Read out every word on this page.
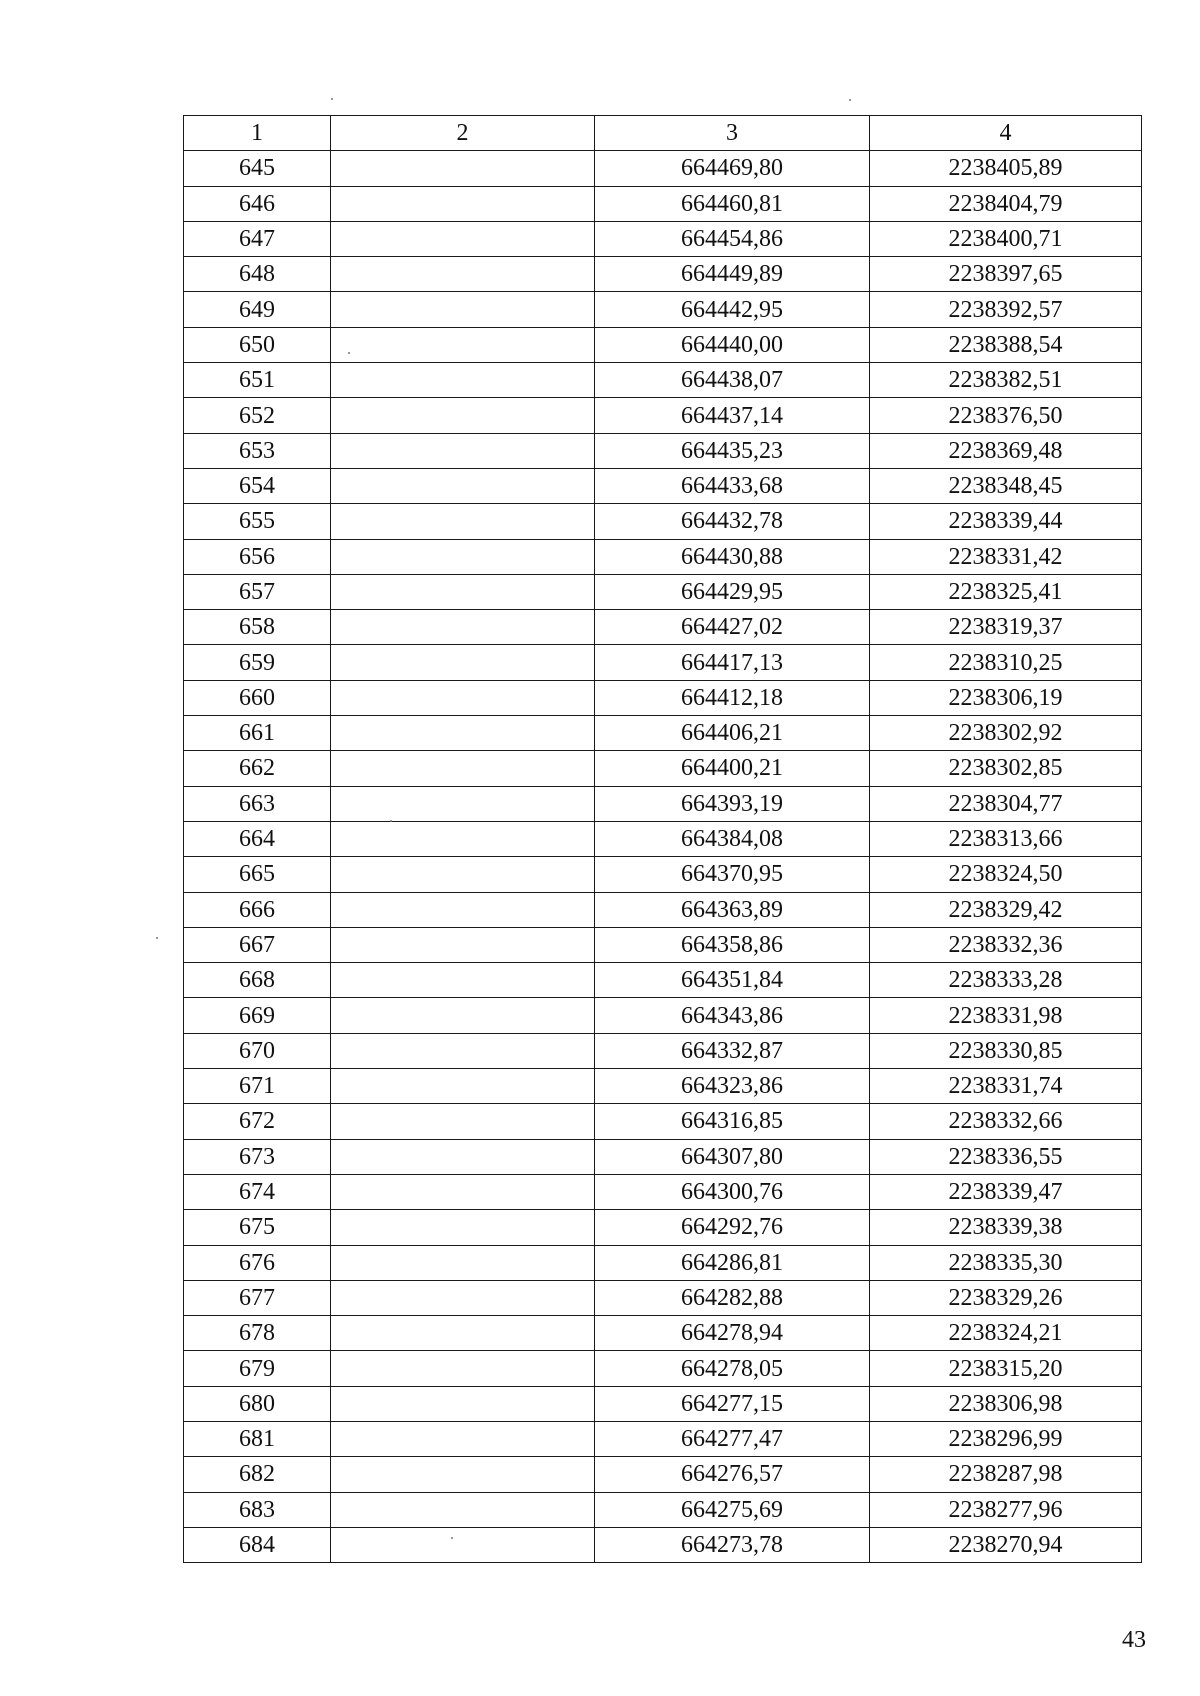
1	2	3	4
645		664469,80	2238405,89
646		664460,81	2238404,79
647		664454,86	2238400,71
648		664449,89	2238397,65
649		664442,95	2238392,57
650		664440,00	2238388,54
651		664438,07	2238382,51
652		664437,14	2238376,50
653		664435,23	2238369,48
654		664433,68	2238348,45
655		664432,78	2238339,44
656		664430,88	2238331,42
657		664429,95	2238325,41
658		664427,02	2238319,37
659		664417,13	2238310,25
660		664412,18	2238306,19
661		664406,21	2238302,92
662		664400,21	2238302,85
663		664393,19	2238304,77
664		664384,08	2238313,66
665		664370,95	2238324,50
666		664363,89	2238329,42
667		664358,86	2238332,36
668		664351,84	2238333,28
669		664343,86	2238331,98
670		664332,87	2238330,85
671		664323,86	2238331,74
672		664316,85	2238332,66
673		664307,80	2238336,55
674		664300,76	2238339,47
675		664292,76	2238339,38
676		664286,81	2238335,30
677		664282,88	2238329,26
678		664278,94	2238324,21
679		664278,05	2238315,20
680		664277,15	2238306,98
681		664277,47	2238296,99
682		664276,57	2238287,98
683		664275,69	2238277,96
684		664273,78	2238270,94
43
